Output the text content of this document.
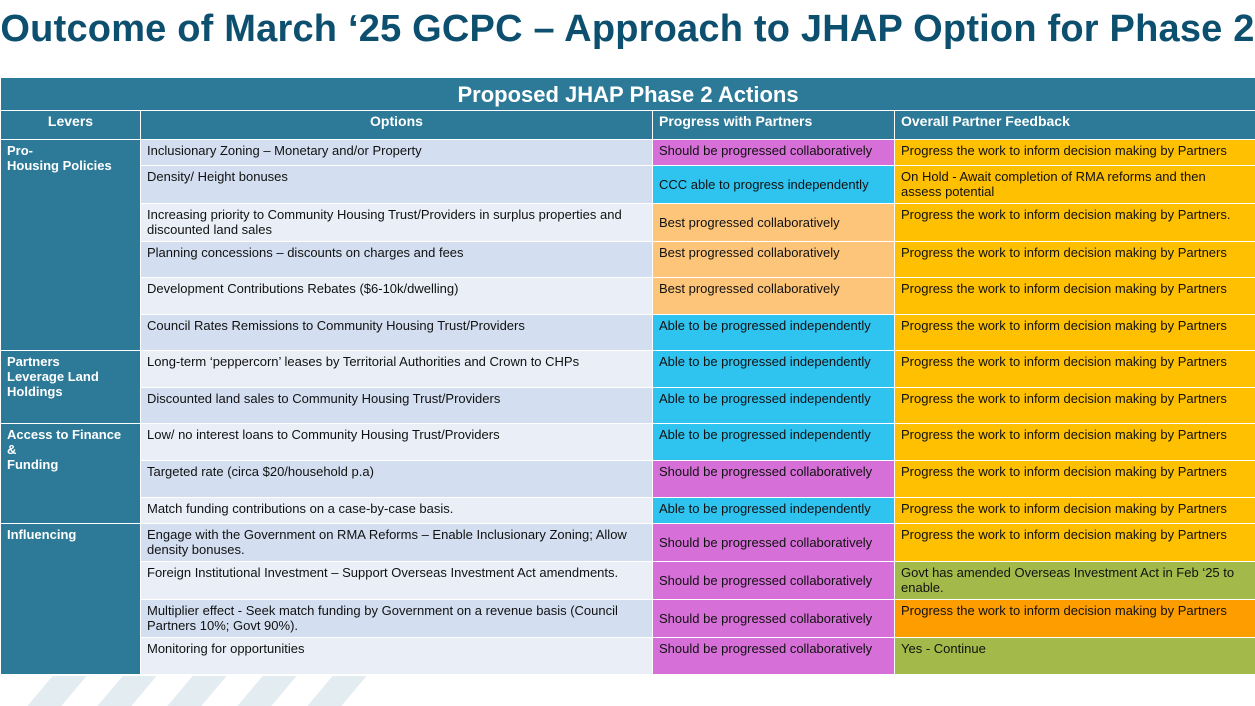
Outcome of March ‘25 GCPC – Approach to JHAP Option for Phase 2
Proposed JHAP Phase 2 Actions			
Levers	Options	Progress with Partners	Overall Partner Feedback
Pro-
Housing Policies	Inclusionary Zoning – Monetary and/or Property	Should be progressed collaboratively	Progress the work to inform decision making by Partners
	Density/ Height bonuses	CCC able to progress independently	On Hold - Await completion of RMA reforms and then assess potential
	Increasing priority to Community Housing Trust/Providers in surplus properties and discounted land sales	Best progressed collaboratively	Progress the work to inform decision making by Partners.
	Planning concessions – discounts on charges and fees	Best progressed collaboratively	Progress the work to inform decision making by Partners
	Development Contributions Rebates ($6-10k/dwelling)	Best progressed collaboratively	Progress the work to inform decision making by Partners
	Council Rates Remissions to Community Housing Trust/Providers	Able to be progressed independently	Progress the work to inform decision making by Partners
Partners
Leverage Land
Holdings	Long-term ‘peppercorn’ leases by Territorial Authorities and Crown to CHPs	Able to be progressed independently	Progress the work to inform decision making by Partners
	Discounted land sales to Community Housing Trust/Providers	Able to be progressed independently	Progress the work to inform decision making by Partners
Access to Finance &
Funding	Low/ no interest loans to Community Housing Trust/Providers	Able to be progressed independently	Progress the work to inform decision making by Partners
	Targeted rate (circa $20/household p.a)	Should be progressed collaboratively	Progress the work to inform decision making by Partners
	Match funding contributions on a case-by-case basis.	Able to be progressed independently	Progress the work to inform decision making by Partners
Influencing	Engage with the Government on RMA Reforms – Enable Inclusionary Zoning; Allow density bonuses.	Should be progressed collaboratively	Progress the work to inform decision making by Partners
	Foreign Institutional Investment – Support Overseas Investment Act amendments.	Should be progressed collaboratively	Govt has amended Overseas Investment Act in Feb ‘25 to enable.
	Multiplier effect - Seek match funding by Government on a revenue basis (Council Partners 10%; Govt 90%).	Should be progressed collaboratively	Progress the work to inform decision making by Partners
	Monitoring for opportunities	Should be progressed collaboratively	Yes - Continue
